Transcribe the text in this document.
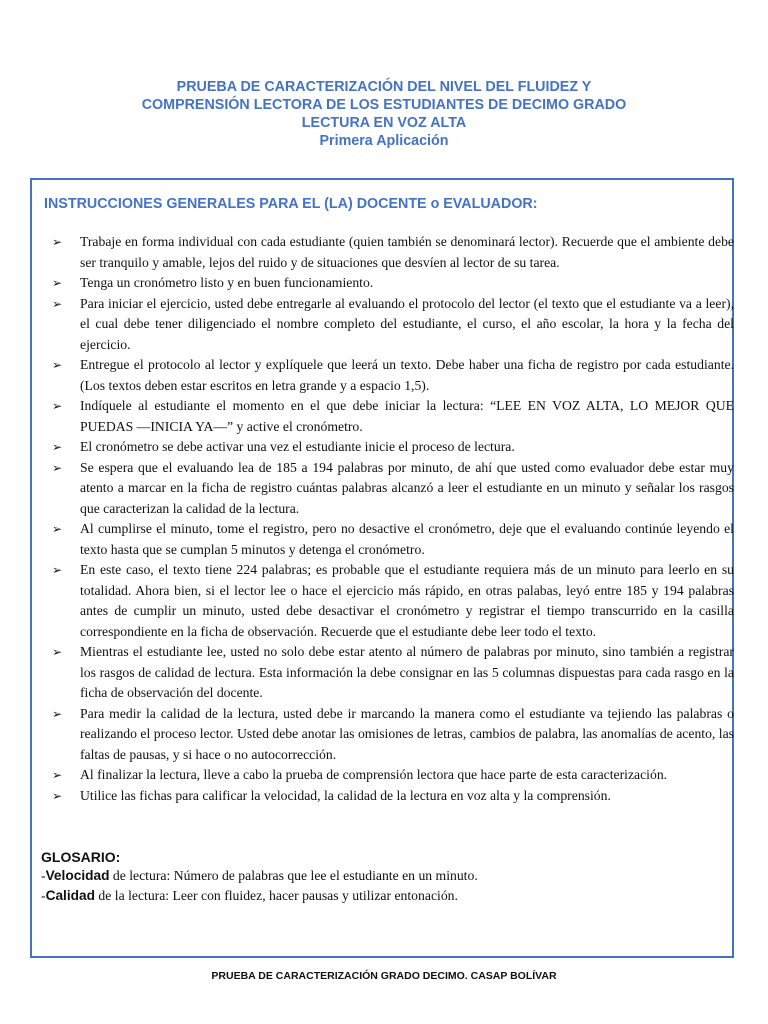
PRUEBA DE CARACTERIZACIÓN DEL NIVEL DEL FLUIDEZ Y
COMPRENSIÓN LECTORA DE LOS ESTUDIANTES DE DECIMO GRADO
LECTURA EN VOZ ALTA
Primera Aplicación
INSTRUCCIONES GENERALES PARA EL (LA) DOCENTE o EVALUADOR:
➢ Trabaje en forma individual con cada estudiante (quien también se denominará lector). Recuerde que el ambiente debe ser tranquilo y amable, lejos del ruido y de situaciones que desvíen al lector de su tarea.
➢ Tenga un cronómetro listo y en buen funcionamiento.
➢ Para iniciar el ejercicio, usted debe entregarle al evaluando el protocolo del lector (el texto que el estudiante va a leer), el cual debe tener diligenciado el nombre completo del estudiante, el curso, el año escolar, la hora y la fecha del ejercicio.
➢ Entregue el protocolo al lector y explíquele que leerá un texto. Debe haber una ficha de registro por cada estudiante. (Los textos deben estar escritos en letra grande y a espacio 1,5).
➢ Indíquele al estudiante el momento en el que debe iniciar la lectura: “LEE EN VOZ ALTA, LO MEJOR QUE PUEDAS —INICIA YA—” y active el cronómetro.
➢ El cronómetro se debe activar una vez el estudiante inicie el proceso de lectura.
➢ Se espera que el evaluando lea de 185 a 194 palabras por minuto, de ahí que usted como evaluador debe estar muy atento a marcar en la ficha de registro cuántas palabras alcanzó a leer el estudiante en un minuto y señalar los rasgos que caracterizan la calidad de la lectura.
➢ Al cumplirse el minuto, tome el registro, pero no desactive el cronómetro, deje que el evaluando continúe leyendo el texto hasta que se cumplan 5 minutos y detenga el cronómetro.
➢ En este caso, el texto tiene 224 palabras; es probable que el estudiante requiera más de un minuto para leerlo en su totalidad. Ahora bien, si el lector lee o hace el ejercicio más rápido, en otras palabas, leyó entre 185 y 194 palabras antes de cumplir un minuto, usted debe desactivar el cronómetro y registrar el tiempo transcurrido en la casilla correspondiente en la ficha de observación. Recuerde que el estudiante debe leer todo el texto.
➢ Mientras el estudiante lee, usted no solo debe estar atento al número de palabras por minuto, sino también a registrar los rasgos de calidad de lectura. Esta información la debe consignar en las 5 columnas dispuestas para cada rasgo en la ficha de observación del docente.
➢ Para medir la calidad de la lectura, usted debe ir marcando la manera como el estudiante va tejiendo las palabras o realizando el proceso lector. Usted debe anotar las omisiones de letras, cambios de palabra, las anomalías de acento, las faltas de pausas, y si hace o no autocorrección.
➢ Al finalizar la lectura, lleve a cabo la prueba de comprensión lectora que hace parte de esta caracterización.
➢ Utilice las fichas para calificar la velocidad, la calidad de la lectura en voz alta y la comprensión.
GLOSARIO:
-Velocidad de lectura: Número de palabras que lee el estudiante en un minuto.
-Calidad de la lectura: Leer con fluidez, hacer pausas y utilizar entonación.
PRUEBA DE CARACTERIZACIÓN GRADO DECIMO. CASAP BOLÍVAR
